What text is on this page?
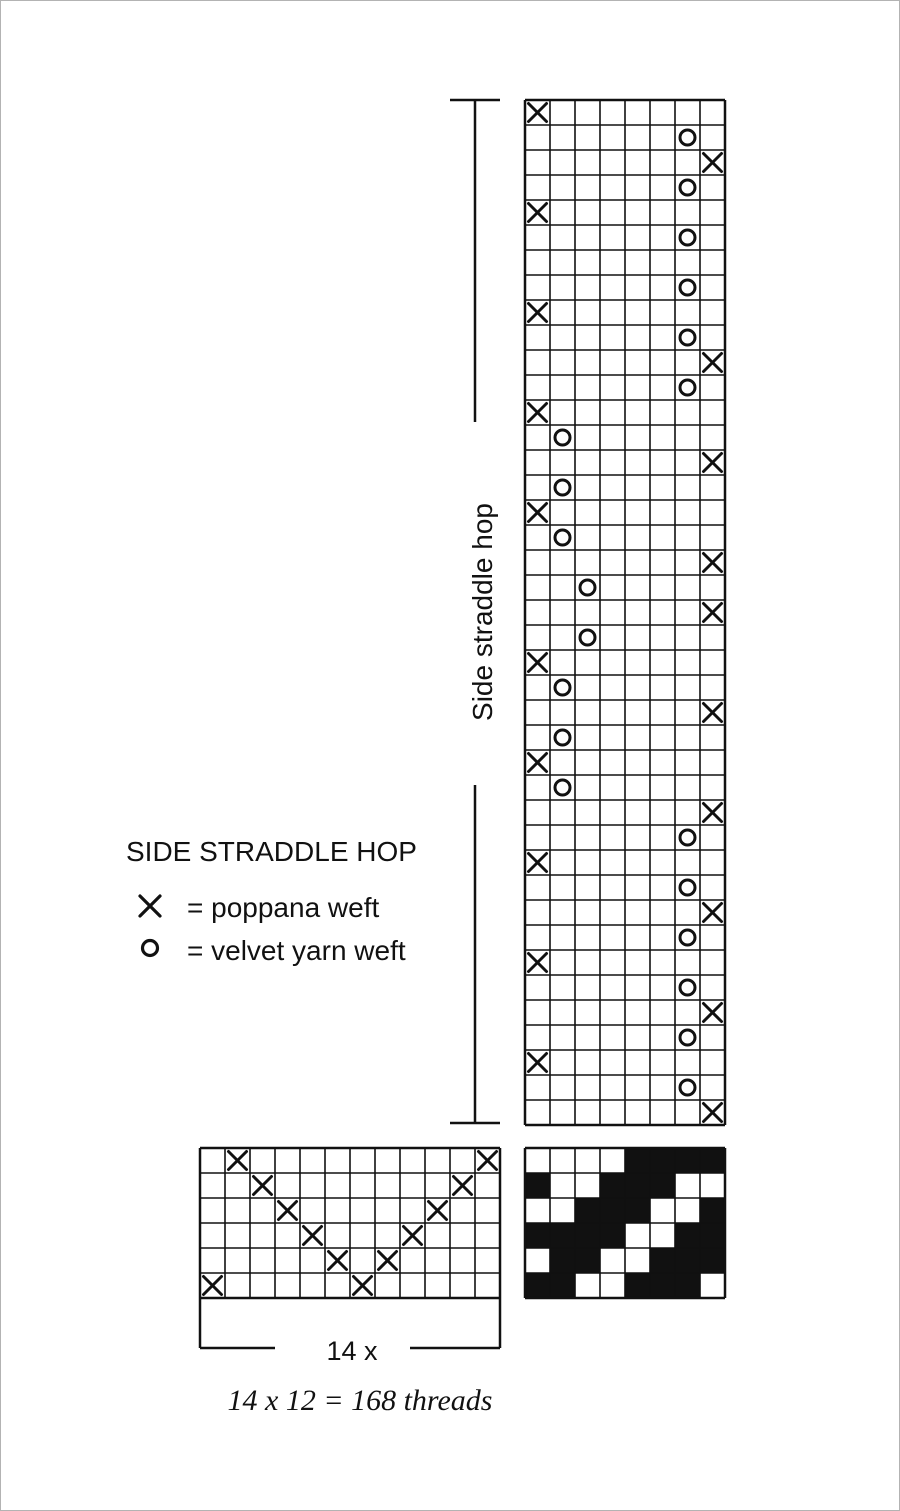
Side straddle hop
14 x
14 x 12 = 168 threads
SIDE STRADDLE HOP
= poppana weft
= velvet yarn weft
